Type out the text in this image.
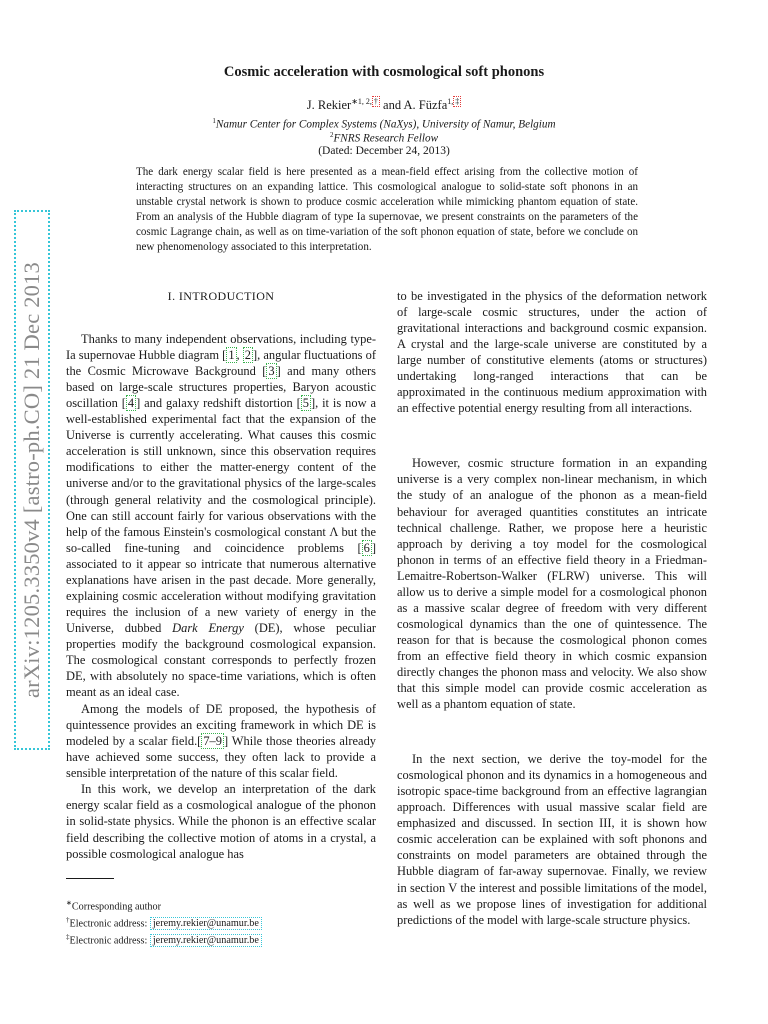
arXiv:1205.3350v4 [astro-ph.CO] 21 Dec 2013
Cosmic acceleration with cosmological soft phonons
J. Rekier$^{∗1, 2, \dagger}$ and A. Füzfa$^{1, \ddagger}$
$^1$Namur Center for Complex Systems (NaXys), University of Namur, Belgium
$^2$FNRS Research Fellow
(Dated: December 24, 2013)

The dark energy scalar field is here presented as a mean-field effect arising from the collective motion of interacting structures on an expanding lattice. This cosmological analogue to solid-state soft phonons in an unstable crystal network is shown to produce cosmic acceleration while mimicking phantom equation of state. From an analysis of the Hubble diagram of type Ia supernovae, we present constraints on the parameters of the cosmic Lagrange chain, as well as on time-variation of the soft phonon equation of state, before we conclude on new phenomenology associated to this interpretation.

I. INTRODUCTION

Thanks to many independent observations, including type-Ia supernovae Hubble diagram [ 1 , 2 ], angular fluctuations of the Cosmic Microwave Background [ 3 ] and many others based on large-scale structures properties, Baryon acoustic oscillation [ 4 ] and galaxy redshift distortion [ 5 ], it is now a well-established experimental fact that the expansion of the Universe is currently accelerating. What causes this cosmic acceleration is still unknown, since this observation requires modifications to either the matter-energy content of the universe and/or to the gravitational physics of the large-scales (through general relativity and the cosmological principle). One can still account fairly for various observations with the help of the famous Einstein's cosmological constant Λ but the so-called fine-tuning and coincidence problems [ 6 ] associated to it appear so intricate that numerous alternative explanations have arisen in the past decade. More generally, explaining cosmic acceleration without modifying gravitation requires the inclusion of a new variety of energy in the Universe, dubbed Dark Energy (DE), whose peculiar properties modify the background cosmological expansion. The cosmological constant corresponds to perfectly frozen DE, with absolutely no space-time variations, which is often meant as an ideal case.

Among the models of DE proposed, the hypothesis of quintessence provides an exciting framework in which DE is modeled by a scalar field.[ 7–9 ] While those theories already have achieved some success, they often lack to provide a sensible interpretation of the nature of this scalar field.

In this work, we develop an interpretation of the dark energy scalar field as a cosmological analogue of the phonon in solid-state physics. While the phonon is an effective scalar field describing the collective motion of atoms in a crystal, a possible cosmological analogue has

to be investigated in the physics of the deformation network of large-scale cosmic structures, under the action of gravitational interactions and background cosmic expansion. A crystal and the large-scale universe are constituted by a large number of constitutive elements (atoms or structures) undertaking long-ranged interactions that can be approximated in the continuous medium approximation with an effective potential energy resulting from all interactions.

However, cosmic structure formation in an expanding universe is a very complex non-linear mechanism, in which the study of an analogue of the phonon as a mean-field behaviour for averaged quantities constitutes an intricate technical challenge. Rather, we propose here a heuristic approach by deriving a toy model for the cosmological phonon in terms of an effective field theory in a Friedman-Lemaitre-Robertson-Walker (FLRW) universe. This will allow us to derive a simple model for a cosmological phonon as a massive scalar degree of freedom with very different cosmological dynamics than the one of quintessence. The reason for that is because the cosmological phonon comes from an effective field theory in which cosmic expansion directly changes the phonon mass and velocity. We also show that this simple model can provide cosmic acceleration as well as a phantom equation of state.

In the next section, we derive the toy-model for the cosmological phonon and its dynamics in a homogeneous and isotropic space-time background from an effective lagrangian approach. Differences with usual massive scalar field are emphasized and discussed. In section III, it is shown how cosmic acceleration can be explained with soft phonons and constraints on model parameters are obtained through the Hubble diagram of far-away supernovae. Finally, we review in section V the interest and possible limitations of the model, as well as we propose lines of investigation for additional predictions of the model with large-scale structure physics.

∗Corresponding author
†Electronic address: jeremy.rekier@unamur.be
‡Electronic address: jeremy.rekier@unamur.be
